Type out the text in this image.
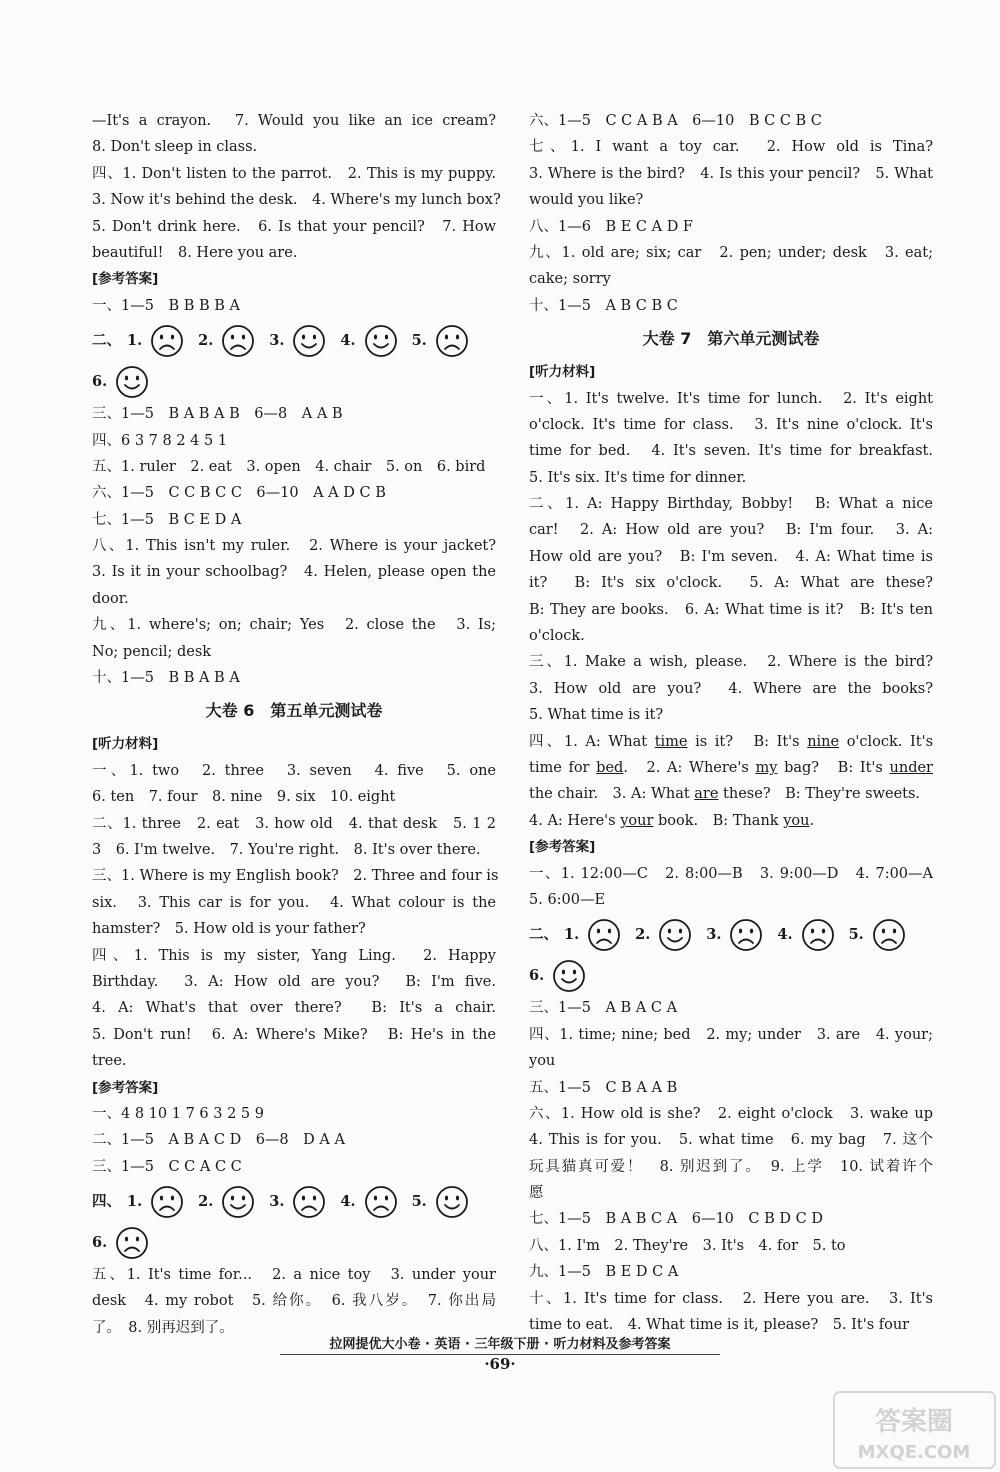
—It's a crayon.　7. Would you like an ice cream?
8. Don't sleep in class.
四、1. Don't listen to the parrot.　2. This is my puppy.
3. Now it's behind the desk.　4. Where's my lunch box?
5. Don't drink here.　6. Is that your pencil?　7. How
beautiful!　8. Here you are.
[参考答案]
一、1—5　B B B B A
二、 1.	2.	3.	4.	5.
6.
三、1—5　B A B A B　6—8　A A B
四、6 3 7 8 2 4 5 1
五、1. ruler　2. eat　3. open　4. chair　5. on　6. bird
六、1—5　C C B C C　6—10　A A D C B
七、1—5　B C E D A
八、1. This isn't my ruler.　2. Where is your jacket?
3. Is it in your schoolbag?　4. Helen, please open the
door.
九、1. where's; on; chair; Yes　2. close the　3. Is;
No; pencil; desk
十、1—5　B B A B A
大卷 6　第五单元测试卷
[听力材料]
一、1. two　2. three　3. seven　4. five　5. one
6. ten　7. four　8. nine　9. six　10. eight
二、1. three　2. eat　3. how old　4. that desk　5. 1 2
3　6. I'm twelve.　7. You're right.　8. It's over there.
三、1. Where is my English book?　2. Three and four is
six.　3. This car is for you.　4. What colour is the
hamster?　5. How old is your father?
四、1. This is my sister, Yang Ling.　2. Happy
Birthday.　3. A: How old are you?　B: I'm five.
4. A: What's that over there?　B: It's a chair.
5. Don't run!　6. A: Where's Mike?　B: He's in the
tree.
[参考答案]
一、4 8 10 1 7 6 3 2 5 9
二、1—5　A B A C D　6—8　D A A
三、1—5　C C A C C
四、 1.	2.	3.	4.	5.
6.
五、1. It's time for...　2. a nice toy　3. under your
desk　4. my robot　5. 给你。　6. 我八岁。　7. 你出局
了。　8. 别再迟到了。
六、1—5　C C A B A　6—10　B C C B C
七、1. I want a toy car.　2. How old is Tina?
3. Where is the bird?　4. Is this your pencil?　5. What
would you like?
八、1—6　B E C A D F
九、1. old are; six; car　2. pen; under; desk　3. eat;
cake; sorry
十、1—5　A B C B C
大卷 7　第六单元测试卷
[听力材料]
一、1. It's twelve. It's time for lunch.　2. It's eight
o'clock. It's time for class.　3. It's nine o'clock. It's
time for bed.　4. It's seven. It's time for breakfast.
5. It's six. It's time for dinner.
二、1. A: Happy Birthday, Bobby!　B: What a nice
car!　2. A: How old are you?　B: I'm four.　3. A:
How old are you?　B: I'm seven.　4. A: What time is
it?　B: It's six o'clock.　5. A: What are these?
B: They are books.　6. A: What time is it?　B: It's ten
o'clock.
三、1. Make a wish, please.　2. Where is the bird?
3. How old are you?　4. Where are the books?
5. What time is it?
四、1. A: What time is it?　B: It's nine o'clock. It's
time for bed.　2. A: Where's my bag?　B: It's under
the chair.　3. A: What are these?　B: They're sweets.
4. A: Here's your book.　B: Thank you.
[参考答案]
一、1. 12:00—C　2. 8:00—B　3. 9:00—D　4. 7:00—A
5. 6:00—E
二、 1.	2.	3.	4.	5.
6.
三、1—5　A B A C A
四、1. time; nine; bed　2. my; under　3. are　4. your;
you
五、1—5　C B A A B
六、1. How old is she?　2. eight o'clock　3. wake up
4. This is for you.　5. what time　6. my bag　7. 这个
玩具猫真可爱！　8. 别迟到了。　9. 上学　10. 试着许个
愿
七、1—5　B A B C A　6—10　C B D C D
八、1. I'm　2. They're　3. It's　4. for　5. to
九、1—5　B E D C A
十、1. It's time for class.　2. Here you are.　3. It's
time to eat.　4. What time is it, please?　5. It's four
拉网提优大小卷 · 英语 · 三年级下册 · 听力材料及参考答案
·69·
答案圈
MXQE.COM
